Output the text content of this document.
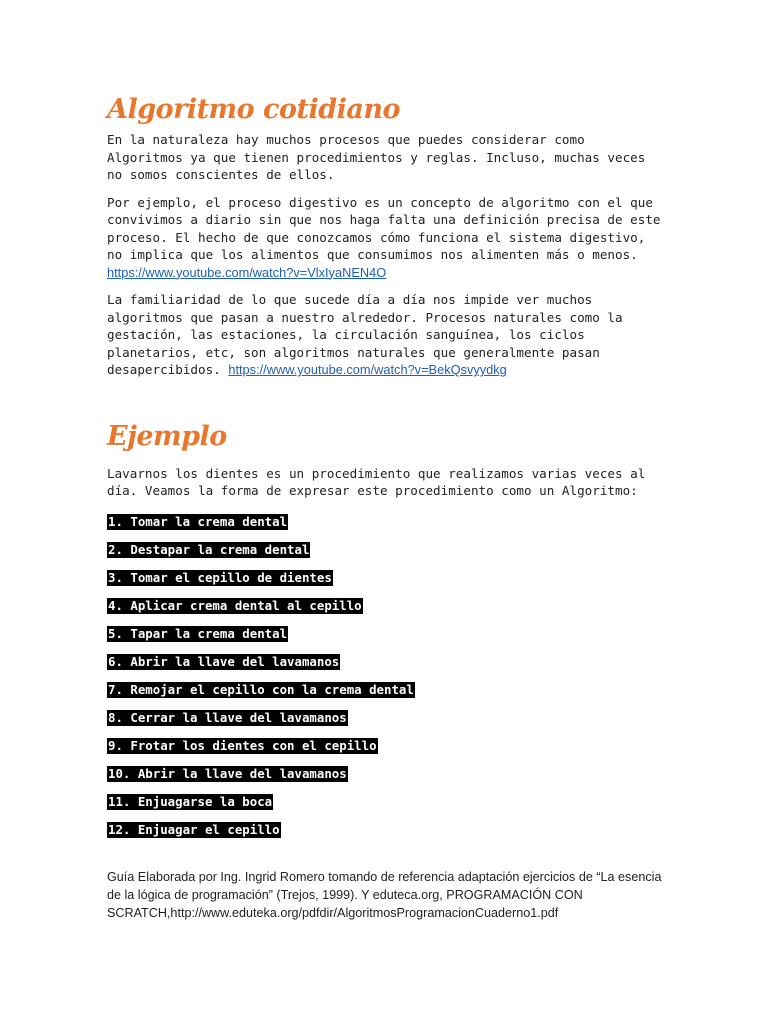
Algoritmo cotidiano

En la naturaleza hay muchos procesos que puedes considerar como Algoritmos ya que tienen procedimientos y reglas. Incluso, muchas veces no somos conscientes de ellos.

Por ejemplo, el proceso digestivo es un concepto de algoritmo con el que convivimos a diario sin que nos haga falta una definición precisa de este proceso. El hecho de que conozcamos cómo funciona el sistema digestivo, no implica que los alimentos que consumimos nos alimenten más o menos. https://www.youtube.com/watch?v=VlxIyaNEN4O

La familiaridad de lo que sucede día a día nos impide ver muchos algoritmos que pasan a nuestro alrededor. Procesos naturales como la gestación, las estaciones, la circulación sanguínea, los ciclos planetarios, etc, son algoritmos naturales que generalmente pasan desapercibidos. https://www.youtube.com/watch?v=BekQsvyydkg

Ejemplo

Lavarnos los dientes es un procedimiento que realizamos varias veces al día. Veamos la forma de expresar este procedimiento como un Algoritmo:

1. Tomar la crema dental
2. Destapar la crema dental
3. Tomar el cepillo de dientes
4. Aplicar crema dental al cepillo
5. Tapar la crema dental
6. Abrir la llave del lavamanos
7. Remojar el cepillo con la crema dental
8. Cerrar la llave del lavamanos
9. Frotar los dientes con el cepillo
10. Abrir la llave del lavamanos
11. Enjuagarse la boca
12. Enjuagar el cepillo

Guía Elaborada por Ing. Ingrid Romero tomando de referencia adaptación ejercicios de “La esencia de la lógica de programación” (Trejos, 1999). Y eduteca.org, PROGRAMACIÓN CON SCRATCH,http://www.eduteka.org/pdfdir/AlgoritmosProgramacionCuaderno1.pdf
